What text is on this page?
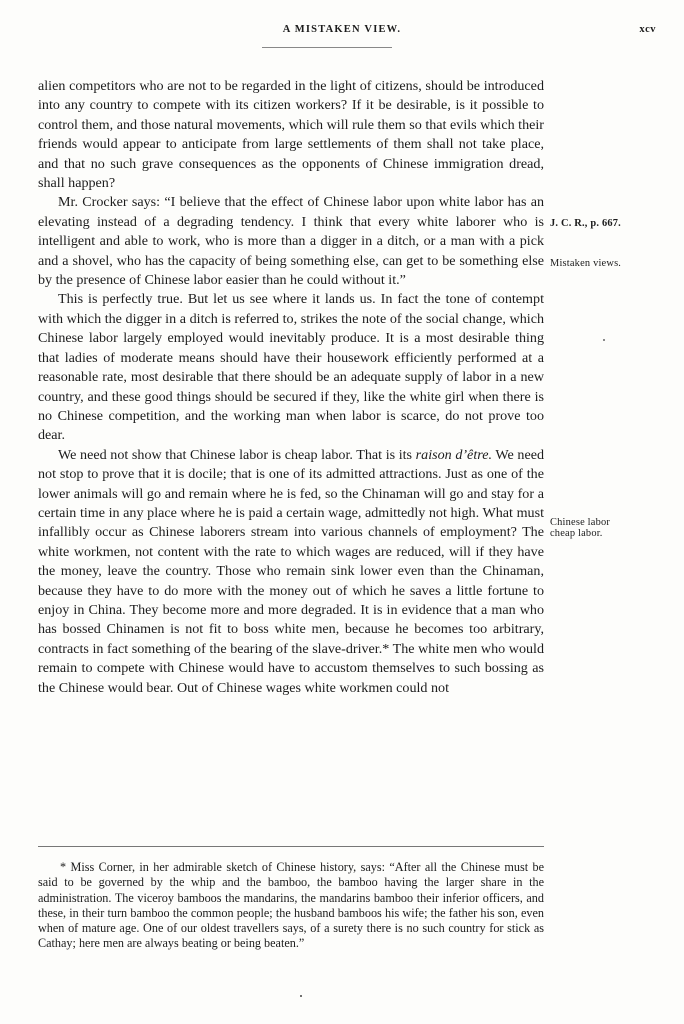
A MISTAKEN VIEW.	xcv

alien competitors who are not to be regarded in the light of citizens, should be introduced into any country to compete with its citizen workers? If it be desirable, is it possible to control them, and those natural movements, which will rule them so that evils which their friends would appear to anticipate from large settlements of them shall not take place, and that no such grave consequences as the opponents of Chinese immigration dread, shall happen?

Mr. Crocker says: “I believe that the effect of Chinese labor upon white labor has an elevating instead of a degrading tendency. I think that every white laborer who is intelligent and able to work, who is more than a digger in a ditch, or a man with a pick and a shovel, who has the capacity of being something else, can get to be something else by the presence of Chinese labor easier than he could without it.”

This is perfectly true. But let us see where it lands us. In fact the tone of contempt with which the digger in a ditch is referred to, strikes the note of the social change, which Chinese labor largely employed would inevitably produce. It is a most desirable thing that ladies of moderate means should have their housework efficiently performed at a reasonable rate, most desirable that there should be an adequate supply of labor in a new country, and these good things should be secured if they, like the white girl when there is no Chinese competition, and the working man when labor is scarce, do not prove too dear.

We need not show that Chinese labor is cheap labor. That is its raison d’être. We need not stop to prove that it is docile; that is one of its admitted attractions. Just as one of the lower animals will go and remain where he is fed, so the Chinaman will go and stay for a certain time in any place where he is paid a certain wage, admittedly not high. What must infallibly occur as Chinese laborers stream into various channels of employment? The white workmen, not content with the rate to which wages are reduced, will if they have the money, leave the country. Those who remain sink lower even than the Chinaman, because they have to do more with the money out of which he saves a little fortune to enjoy in China. They become more and more degraded. It is in evidence that a man who has bossed Chinamen is not fit to boss white men, because he becomes too arbitrary, contracts in fact something of the bearing of the slave-driver.* The white men who would remain to compete with Chinese would have to accustom themselves to such bossing as the Chinese would bear. Out of Chinese wages white workmen could not

J. C. R., p. 667.
Mistaken views.
Chinese labor
cheap labor.

* Miss Corner, in her admirable sketch of Chinese history, says: “After all the Chinese must be said to be governed by the whip and the bamboo, the bamboo having the larger share in the administration. The viceroy bamboos the mandarins, the mandarins bamboo their inferior officers, and these, in their turn bamboo the common people; the husband bamboos his wife; the father his son, even when of mature age. One of our oldest travellers says, of a surety there is no such country for stick as Cathay; here men are always beating or being beaten.”
